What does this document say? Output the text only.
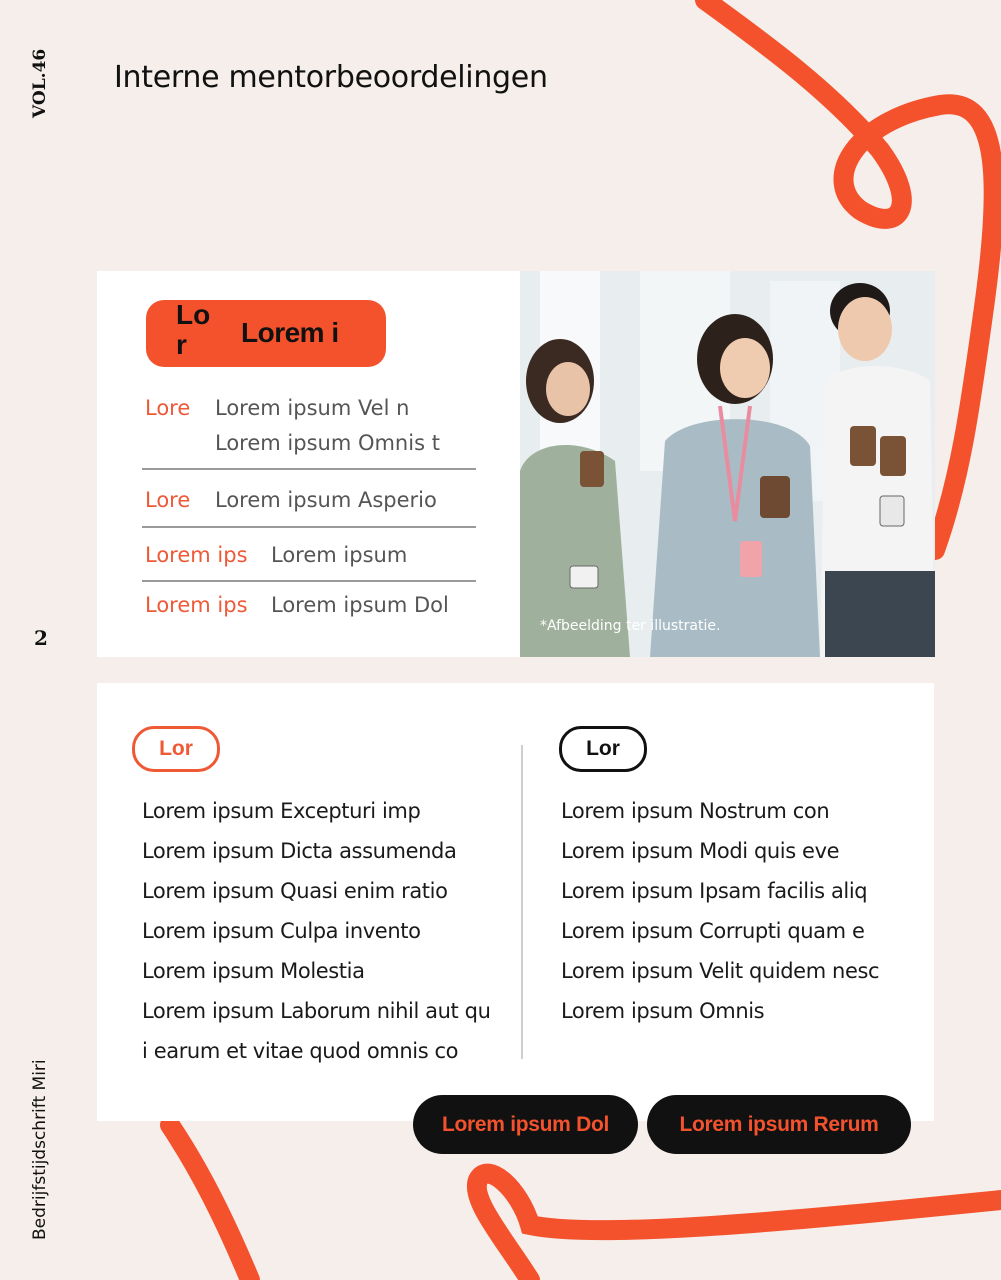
VOL.46
2
Bedrijfstijdschrift Miri
Interne mentorbeoordelingen
Lor	Lorem i
Lore Lorem ipsum Vel n
Lorem ipsum Omnis t
Lore Lorem ipsum Asperio
Lorem ips Lorem ipsum
Lorem ips Lorem ipsum Dol
*Afbeelding ter illustratie.
Lor	Lor
Lorem ipsum Excepturi imp
Lorem ipsum Dicta assumenda
Lorem ipsum Quasi enim ratio
Lorem ipsum Culpa invento
Lorem ipsum Molestia
Lorem ipsum Laborum nihil aut qu
i earum et vitae quod omnis co
Lorem ipsum Nostrum con
Lorem ipsum Modi quis eve
Lorem ipsum Ipsam facilis aliq
Lorem ipsum Corrupti quam e
Lorem ipsum Velit quidem nesc
Lorem ipsum Omnis
Lorem ipsum Dol	Lorem ipsum Rerum
